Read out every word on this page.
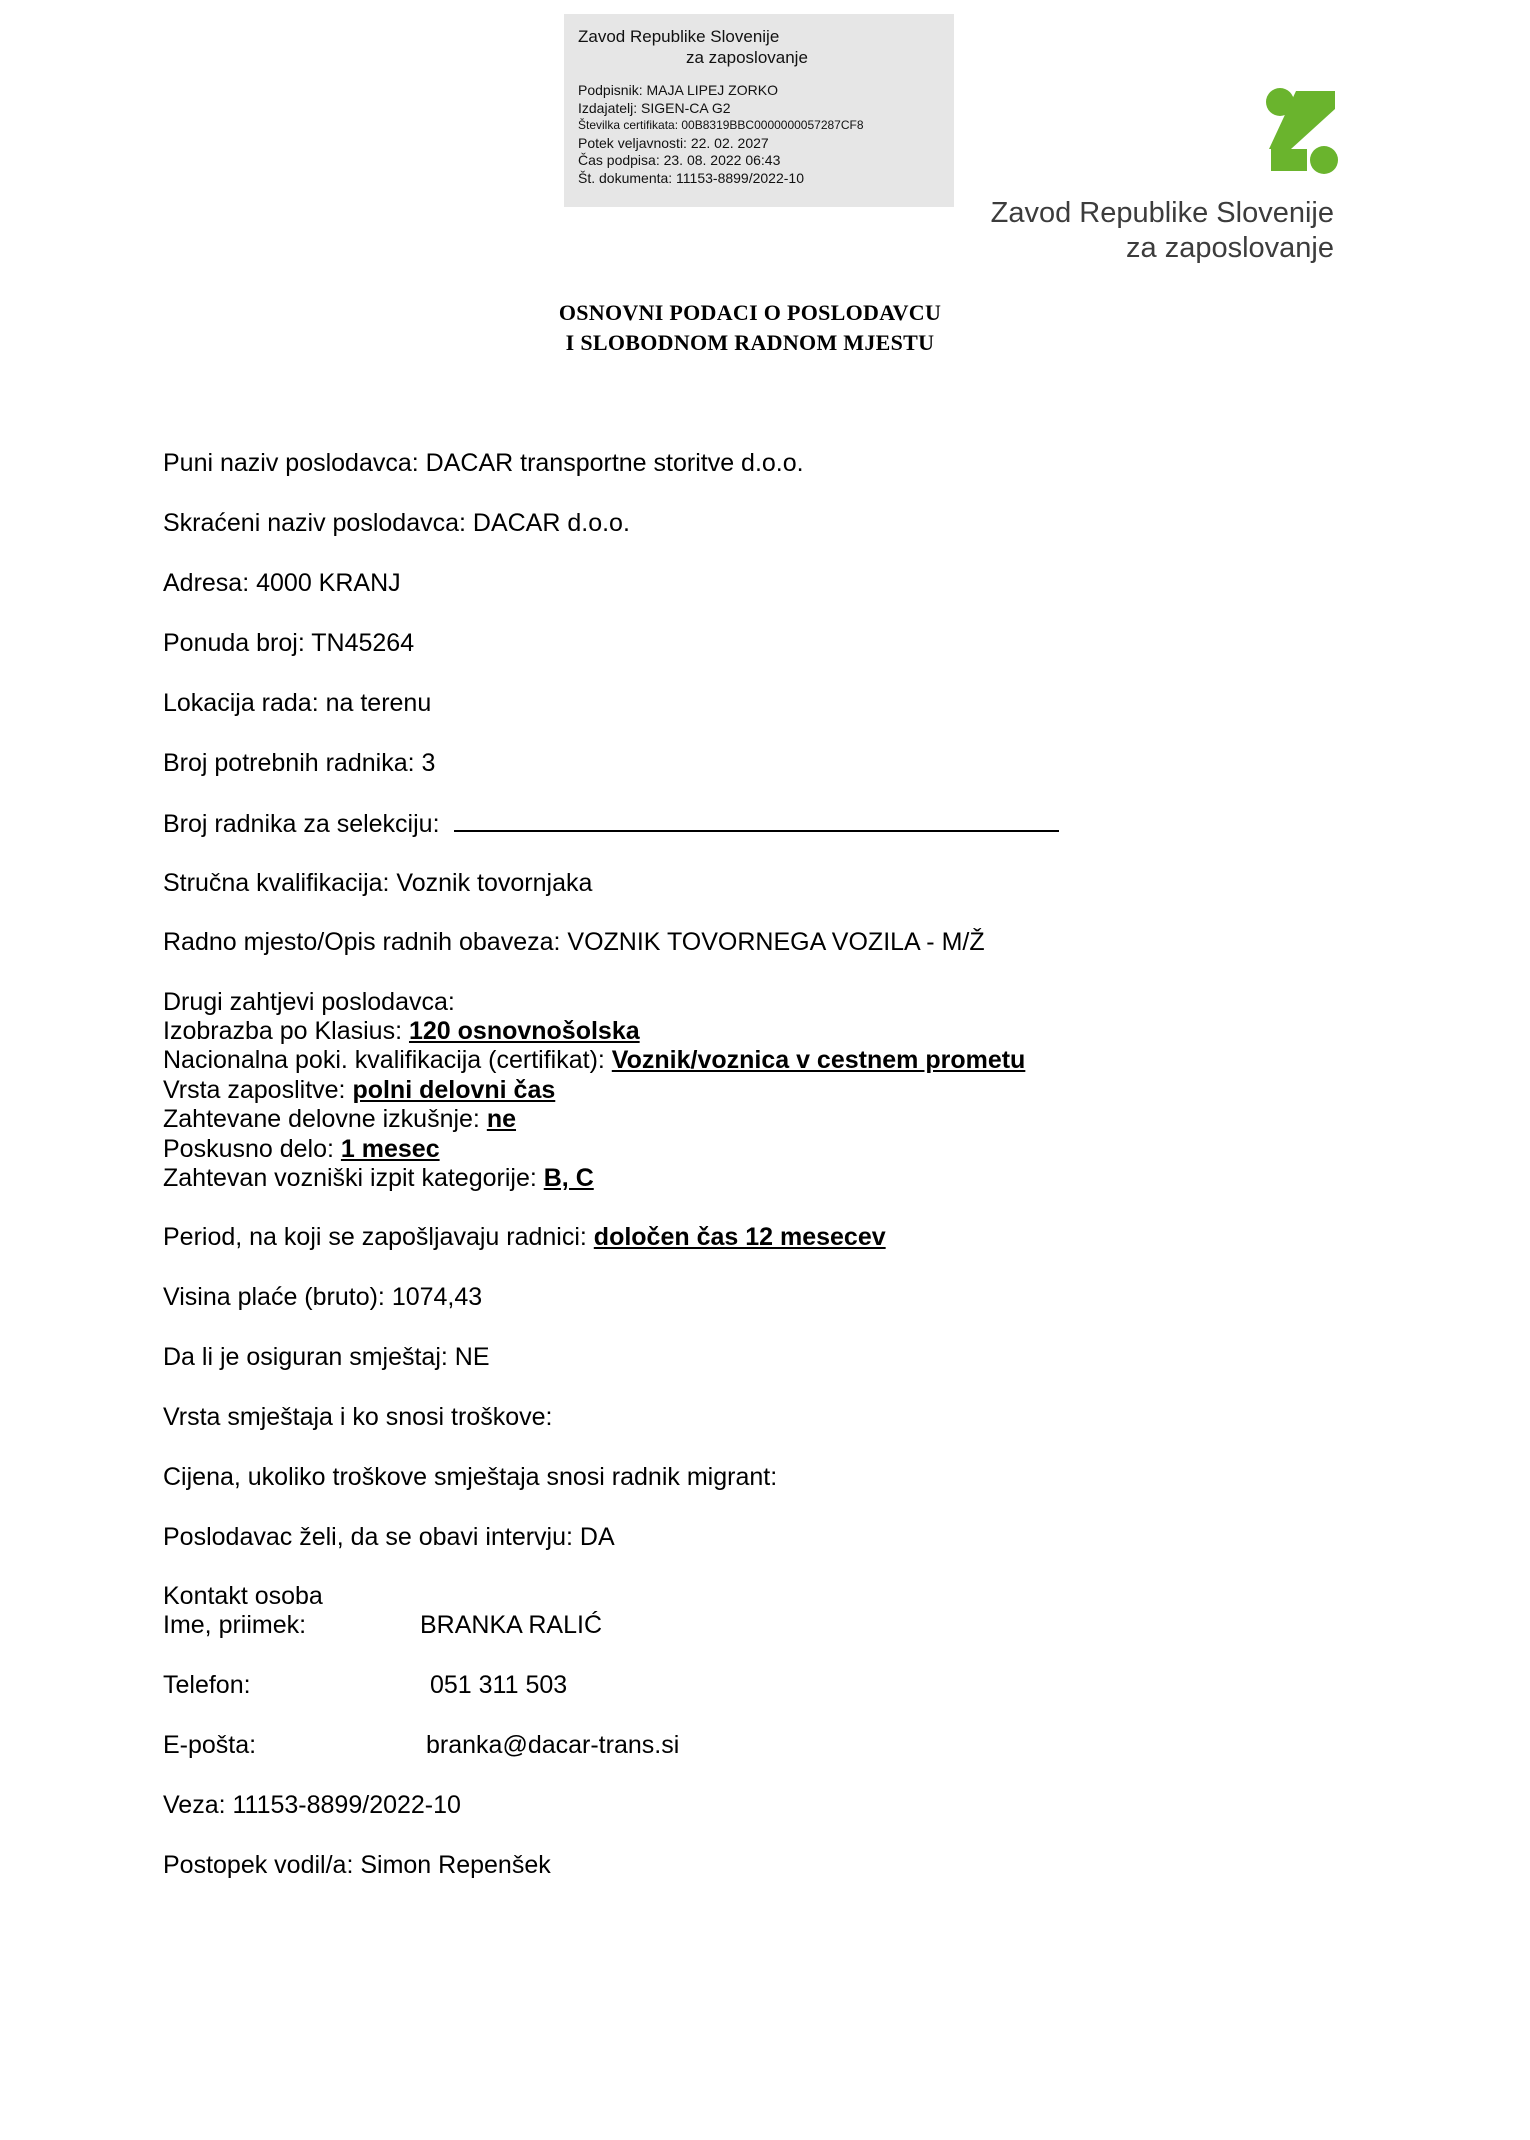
Zavod Republike Slovenije
za zaposlovanje
Podpisnik: MAJA LIPEJ ZORKO
Izdajatelj: SIGEN-CA G2
Številka certifikata: 00B8319BBC0000000057287CF8
Potek veljavnosti: 22. 02. 2027
Čas podpisa: 23. 08. 2022 06:43
Št. dokumenta: 11153-8899/2022-10
Zavod Republike Slovenije
za zaposlovanje
OSNOVNI PODACI O POSLODAVCU
I SLOBODNOM RADNOM MJESTU
Puni naziv poslodavca: DACAR transportne storitve d.o.o.
Skraćeni naziv poslodavca: DACAR d.o.o.
Adresa: 4000 KRANJ
Ponuda broj: TN45264
Lokacija rada: na terenu
Broj potrebnih radnika: 3
Broj radnika za selekciju:
Stručna kvalifikacija: Voznik tovornjaka
Radno mjesto/Opis radnih obaveza: VOZNIK TOVORNEGA VOZILA - M/Ž
Drugi zahtjevi poslodavca:
Izobrazba po Klasius: 120 osnovnošolska
Nacionalna poki. kvalifikacija (certifikat): Voznik/voznica v cestnem prometu
Vrsta zaposlitve: polni delovni čas
Zahtevane delovne izkušnje: ne
Poskusno delo: 1 mesec
Zahtevan vozniški izpit kategorije: B, C
Period, na koji se zapošljavaju radnici: določen čas 12 mesecev
Visina plaće (bruto): 1074,43
Da li je osiguran smještaj: NE
Vrsta smještaja i ko snosi troškove:
Cijena, ukoliko troškove smještaja snosi radnik migrant:
Poslodavac želi, da se obavi intervju: DA
Kontakt osoba
Ime, priimek:	BRANKA RALIĆ
Telefon:	051 311 503
E-pošta:	branka@dacar-trans.si
Veza: 11153-8899/2022-10
Postopek vodil/a: Simon Repenšek
